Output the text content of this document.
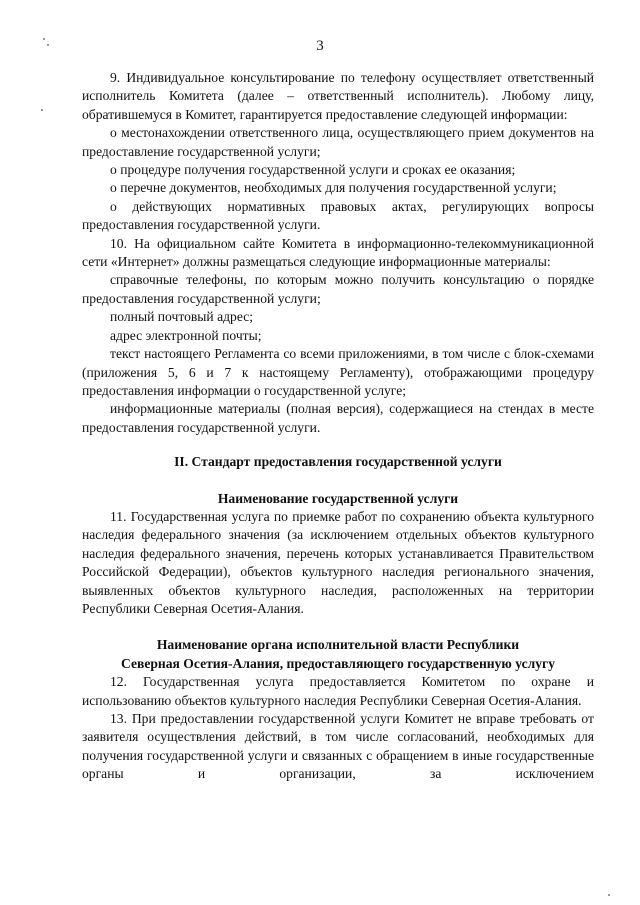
3

9. Индивидуальное консультирование по телефону осуществляет ответственный исполнитель Комитета (далее – ответственный исполнитель). Любому лицу, обратившемуся в Комитет, гарантируется предоставление следующей информации:

о местонахождении ответственного лица, осуществляющего прием документов на предоставление государственной услуги;

о процедуре получения государственной услуги и сроках ее оказания;

о перечне документов, необходимых для получения государственной услуги;

о действующих нормативных правовых актах, регулирующих вопросы предоставления государственной услуги.

10. На официальном сайте Комитета в информационно-телекоммуникационной сети «Интернет» должны размещаться следующие информационные материалы:

справочные телефоны, по которым можно получить консультацию о порядке предоставления государственной услуги;

полный почтовый адрес;

адрес электронной почты;

текст настоящего Регламента со всеми приложениями, в том числе с блок-схемами (приложения 5, 6 и 7 к настоящему Регламенту), отображающими процедуру предоставления информации о государственной услуге;

информационные материалы (полная версия), содержащиеся на стендах в месте предоставления государственной услуги.

II. Стандарт предоставления государственной услуги

Наименование государственной услуги

11. Государственная услуга по приемке работ по сохранению объекта культурного наследия федерального значения (за исключением отдельных объектов культурного наследия федерального значения, перечень которых устанавливается Правительством Российской Федерации), объектов культурного наследия регионального значения, выявленных объектов культурного наследия, расположенных на территории Республики Северная Осетия-Алания.

Наименование органа исполнительной власти Республики

Северная Осетия-Алания, предоставляющего государственную услугу

12. Государственная услуга предоставляется Комитетом по охране и использованию объектов культурного наследия Республики Северная Осетия-Алания.

13. При предоставлении государственной услуги Комитет не вправе требовать от заявителя осуществления действий, в том числе согласований, необходимых для получения государственной услуги и связанных с обращением в иные государственные органы и организации, за исключением
